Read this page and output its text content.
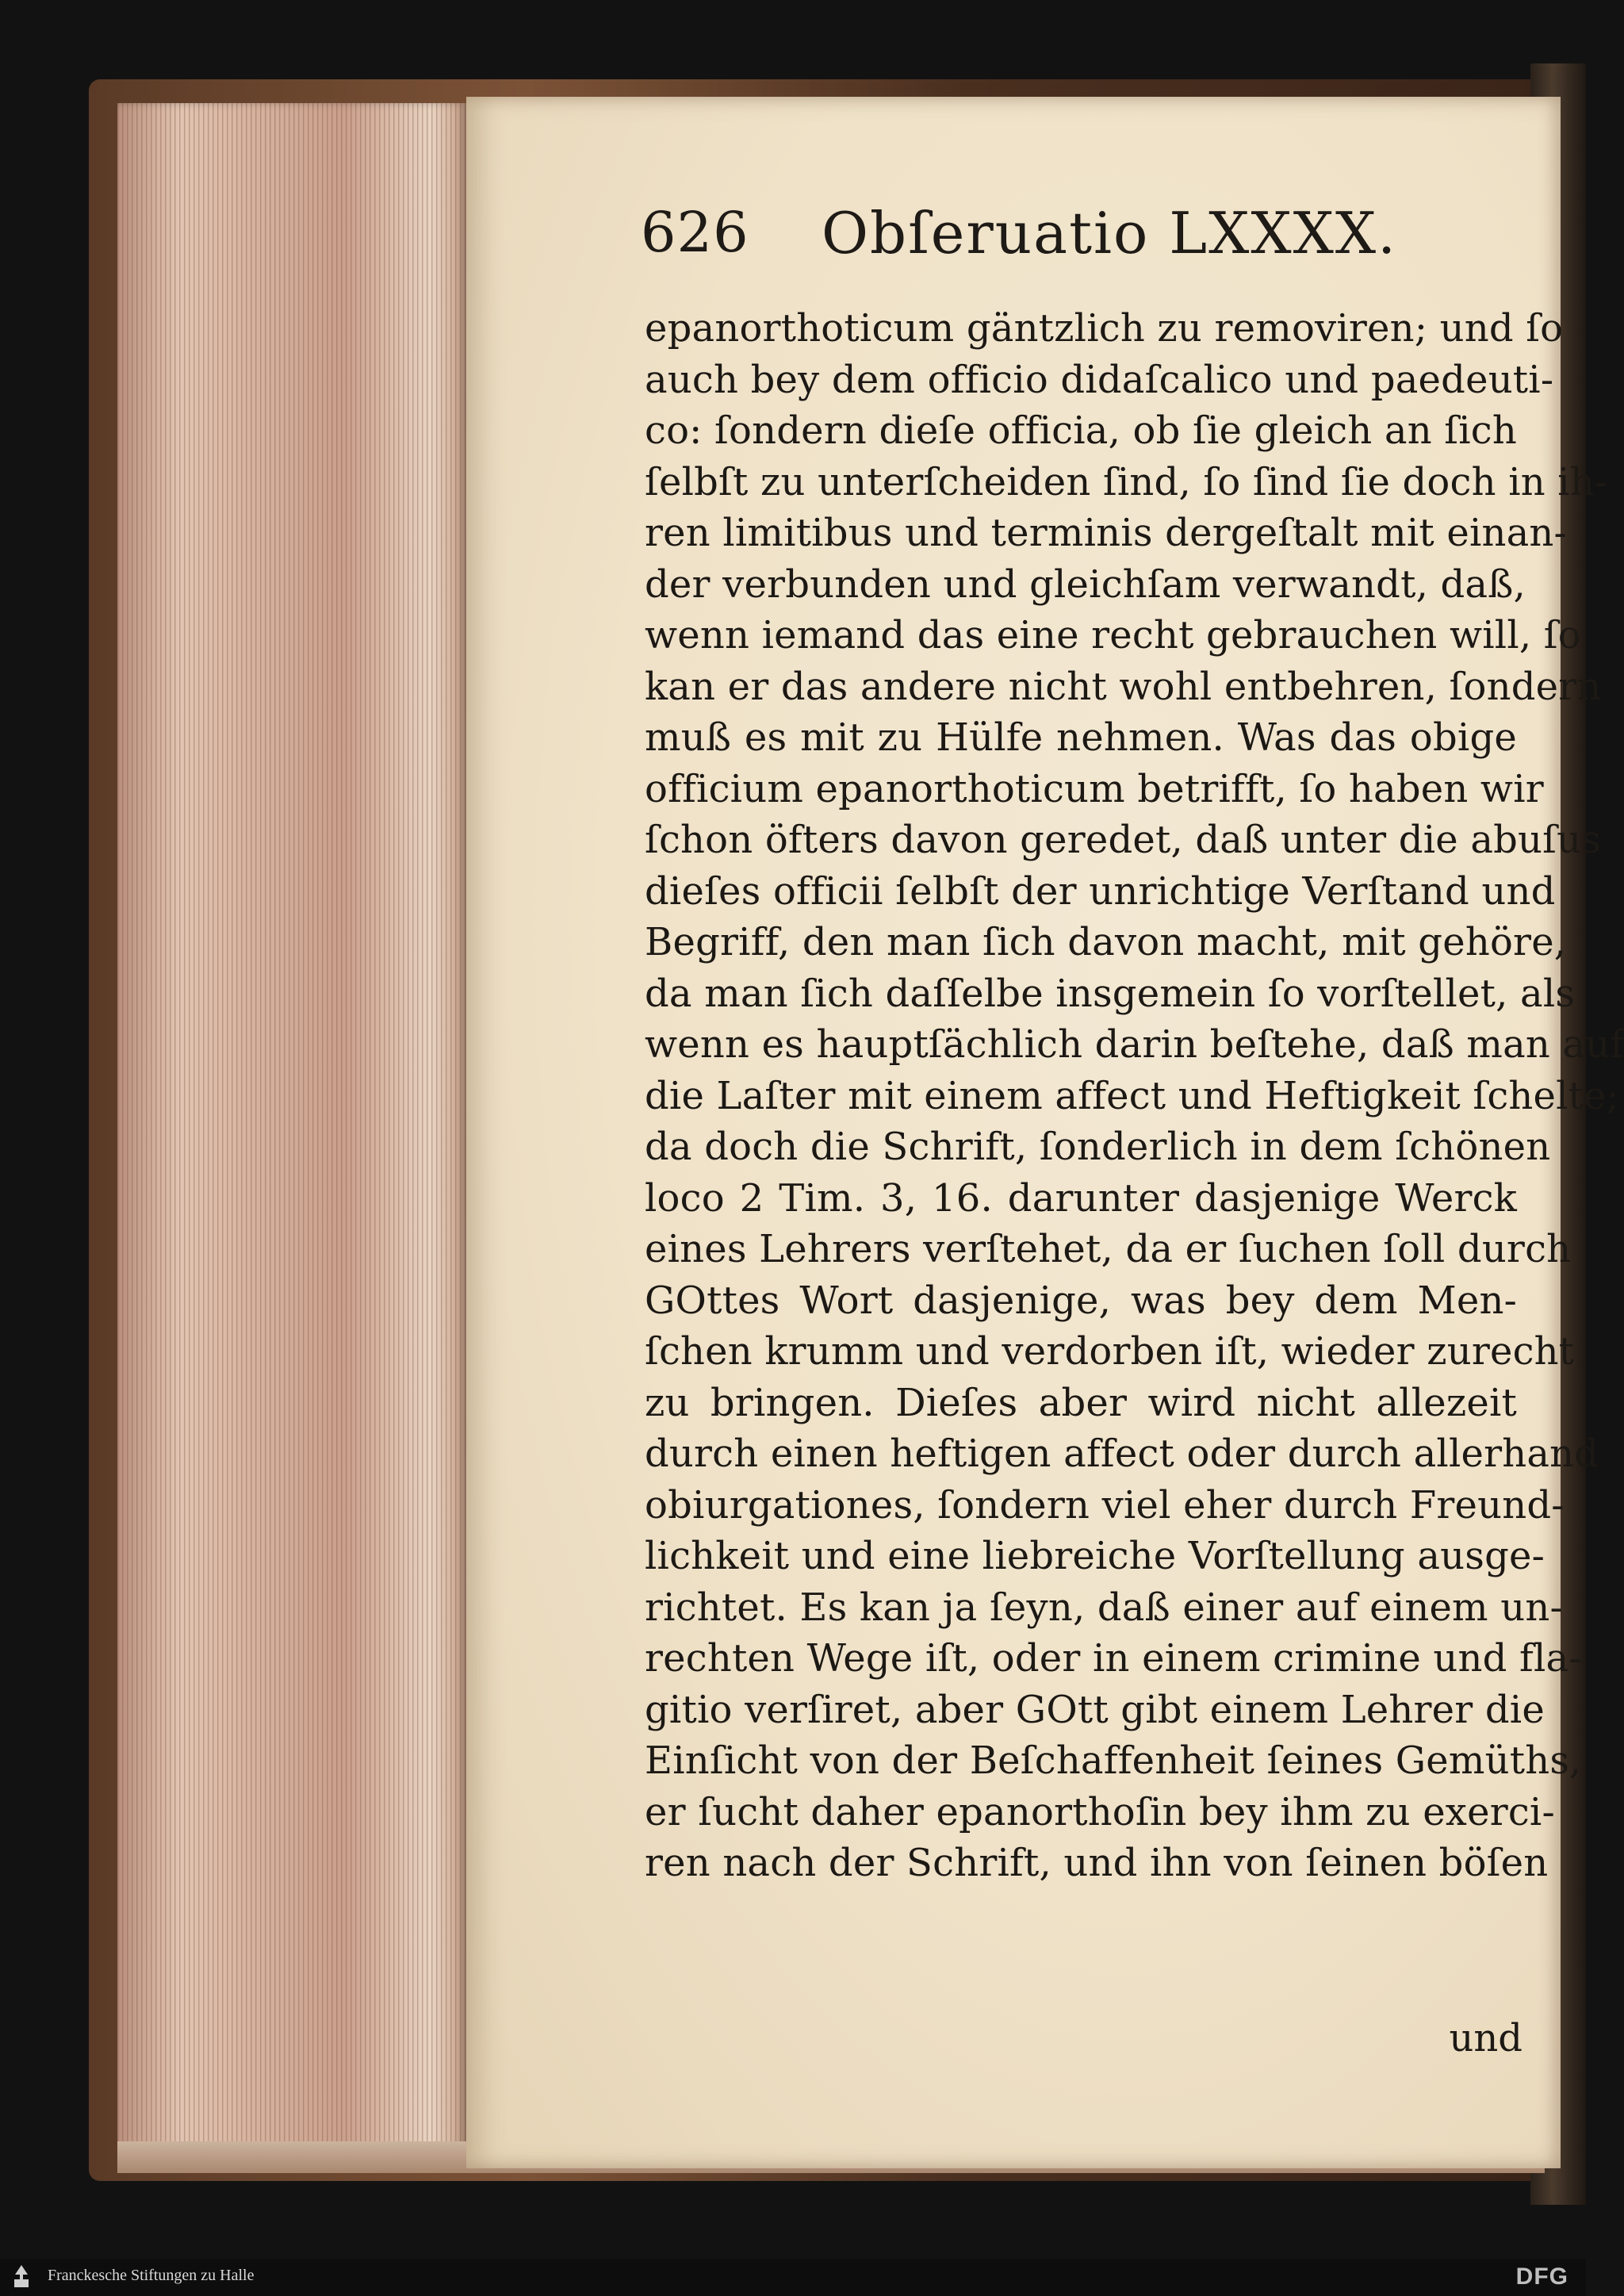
626 Obſeruatio LXXXX.
epanorthoticum gäntzlich zu removiren; und ſo
auch bey dem officio didaſcalico und paedeuti-
co: ſondern dieſe officia, ob ſie gleich an ſich
ſelbſt zu unterſcheiden ſind, ſo ſind ſie doch in ih-
ren limitibus und terminis dergeſtalt mit einan-
der verbunden und gleichſam verwandt, daß,
wenn iemand das eine recht gebrauchen will, ſo
kan er das andere nicht wohl entbehren, ſondern
muß es mit zu Hülfe nehmen. Was das obige
officium epanorthoticum betrifft, ſo haben wir
ſchon öfters davon geredet, daß unter die abuſus
dieſes officii ſelbſt der unrichtige Verſtand und
Begriff, den man ſich davon macht, mit gehöre,
da man ſich daſſelbe insgemein ſo vorſtellet, als
wenn es hauptſächlich darin beſtehe, daß man auf
die Laſter mit einem affect und Heftigkeit ſchelte;
da doch die Schrift, ſonderlich in dem ſchönen
loco 2 Tim. 3, 16. darunter dasjenige Werck
eines Lehrers verſtehet, da er ſuchen ſoll durch
GOttes Wort dasjenige, was bey dem Men-
ſchen krumm und verdorben iſt, wieder zurecht
zu bringen. Dieſes aber wird nicht allezeit
durch einen heftigen affect oder durch allerhand
obiurgationes, ſondern viel eher durch Freund-
lichkeit und eine liebreiche Vorſtellung ausge-
richtet. Es kan ja ſeyn, daß einer auf einem un-
rechten Wege iſt, oder in einem crimine und fla-
gitio verſiret, aber GOtt gibt einem Lehrer die
Einſicht von der Beſchaffenheit ſeines Gemüths,
er ſucht daher epanorthoſin bey ihm zu exerci-
ren nach der Schrift, und ihn von ſeinen böſen
und
Franckesche Stiftungen zu Halle	DFG
